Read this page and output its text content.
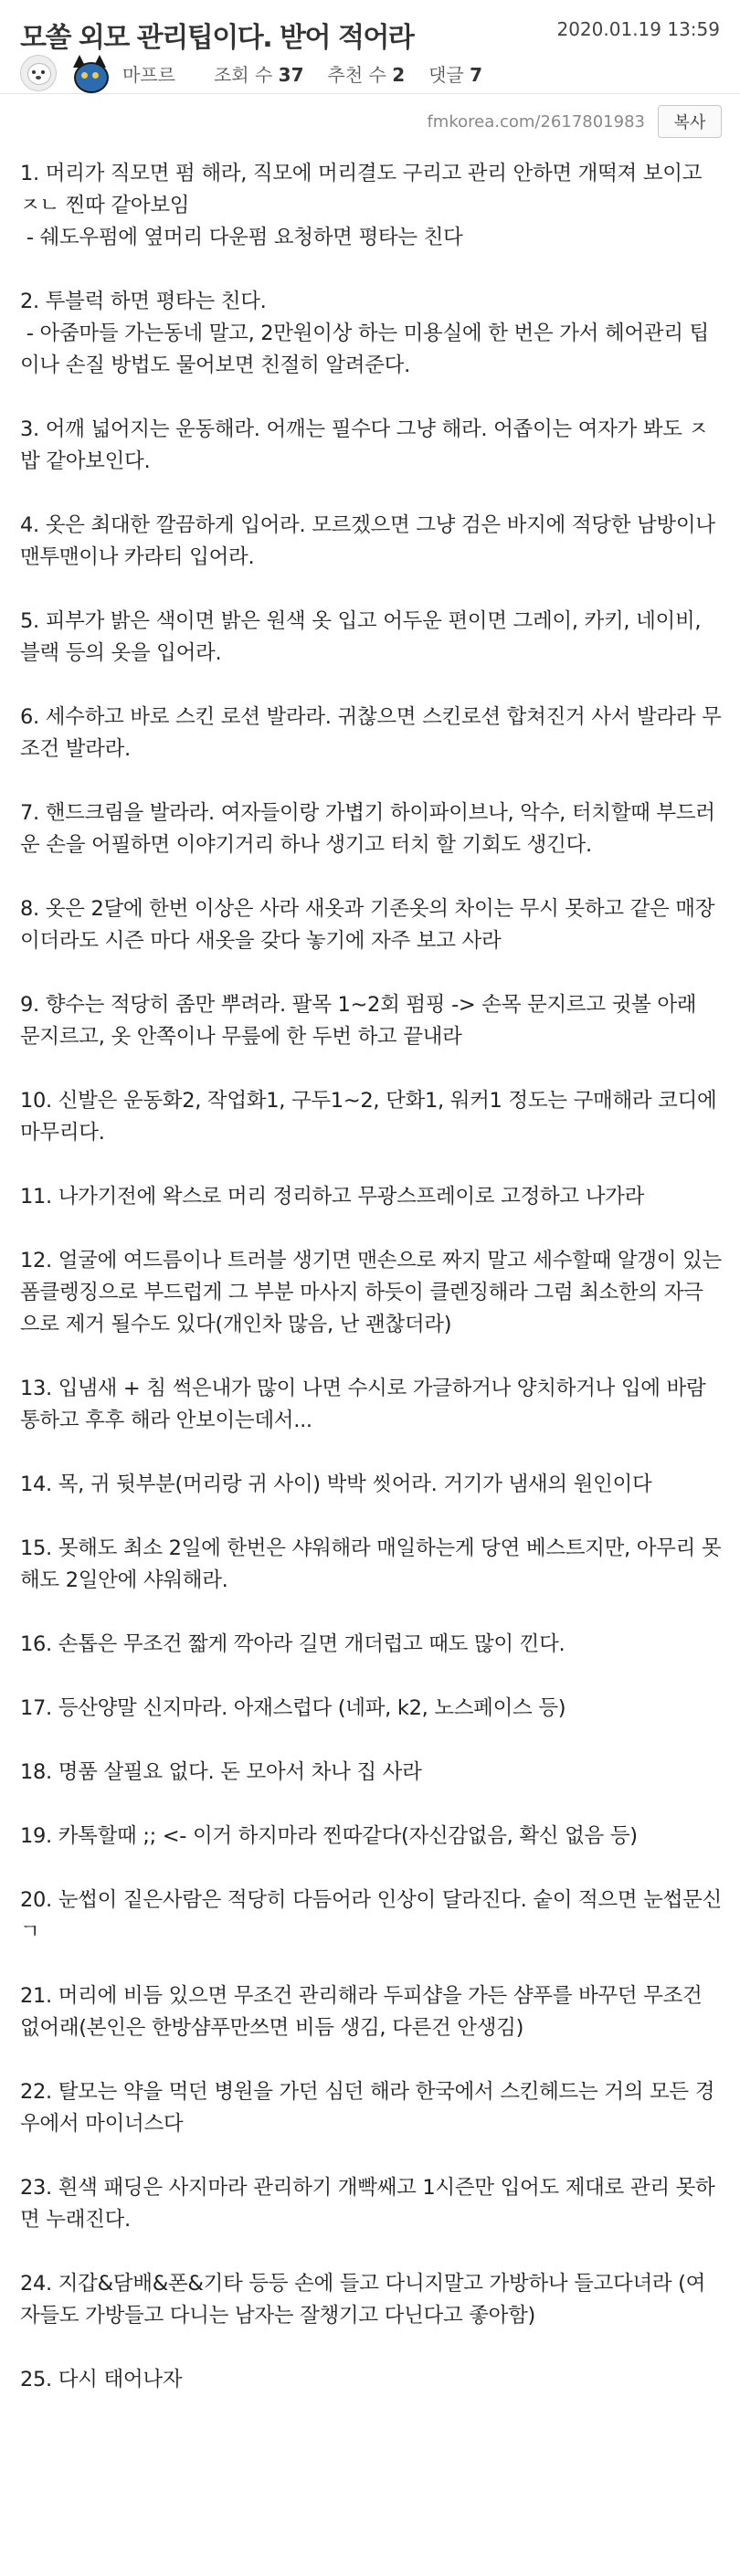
모쏠 외모 관리팁이다. 받어 적어라	2020.01.19 13:59
마프르 조회 수 37 추천 수 2 댓글 7
fmkorea.com/2617801983	복사

1. 머리가 직모면 펌 해라, 직모에 머리결도 구리고 관리 안하면 개떡져 보이고 ㅈㄴ 찐따 같아보임
- 쉐도우펌에 옆머리 다운펌 요청하면 평타는 친다

2. 투블럭 하면 평타는 친다.
- 아줌마들 가는동네 말고, 2만원이상 하는 미용실에 한 번은 가서 헤어관리 팁이나 손질 방법도 물어보면 친절히 알려준다.

3. 어깨 넓어지는 운동해라. 어깨는 필수다 그냥 해라. 어좁이는 여자가 봐도 ㅈ밥 같아보인다.

4. 옷은 최대한 깔끔하게 입어라. 모르겠으면 그냥 검은 바지에 적당한 남방이나 맨투맨이나 카라티 입어라.

5. 피부가 밝은 색이면 밝은 원색 옷 입고 어두운 편이면 그레이, 카키, 네이비, 블랙 등의 옷을 입어라.

6. 세수하고 바로 스킨 로션 발라라. 귀찮으면 스킨로션 합쳐진거 사서 발라라 무조건 발라라.

7. 핸드크림을 발라라. 여자들이랑 가볍기 하이파이브나, 악수, 터치할때 부드러운 손을 어필하면 이야기거리 하나 생기고 터치 할 기회도 생긴다.

8. 옷은 2달에 한번 이상은 사라 새옷과 기존옷의 차이는 무시 못하고 같은 매장이더라도 시즌 마다 새옷을 갖다 놓기에 자주 보고 사라

9. 향수는 적당히 좀만 뿌려라. 팔목 1~2회 펌핑 -> 손목 문지르고 귓볼 아래 문지르고, 옷 안쪽이나 무릎에 한 두번 하고 끝내라

10. 신발은 운동화2, 작업화1, 구두1~2, 단화1, 워커1 정도는 구매해라 코디에 마무리다.

11. 나가기전에 왁스로 머리 정리하고 무광스프레이로 고정하고 나가라

12. 얼굴에 여드름이나 트러블 생기면 맨손으로 짜지 말고 세수할때 알갱이 있는 폼클렝징으로 부드럽게 그 부분 마사지 하듯이 클렌징해라 그럼 최소한의 자극으로 제거 될수도 있다(개인차 많음, 난 괜찮더라)

13. 입냄새 + 침 썩은내가 많이 나면 수시로 가글하거나 양치하거나 입에 바람 통하고 후후 해라 안보이는데서...

14. 목, 귀 뒷부분(머리랑 귀 사이) 박박 씻어라. 거기가 냄새의 원인이다

15. 못해도 최소 2일에 한번은 샤워해라 매일하는게 당연 베스트지만, 아무리 못해도 2일안에 샤워해라.

16. 손톱은 무조건 짧게 깍아라 길면 개더럽고 때도 많이 낀다.

17. 등산양말 신지마라. 아재스럽다 (네파, k2, 노스페이스 등)

18. 명품 살필요 없다. 돈 모아서 차나 집 사라

19. 카톡할때 ;; <- 이거 하지마라 찐따같다(자신감없음, 확신 없음 등)

20. 눈썹이 짙은사람은 적당히 다듬어라 인상이 달라진다. 숱이 적으면 눈썹문신 ㄱ

21. 머리에 비듬 있으면 무조건 관리해라 두피샵을 가든 샴푸를 바꾸던 무조건 없어래(본인은 한방샴푸만쓰면 비듬 생김, 다른건 안생김)

22. 탈모는 약을 먹던 병원을 가던 심던 해라 한국에서 스킨헤드는 거의 모든 경우에서 마이너스다

23. 흰색 패딩은 사지마라 관리하기 개빡쌔고 1시즌만 입어도 제대로 관리 못하면 누래진다.

24. 지갑&담배&폰&기타 등등 손에 들고 다니지말고 가방하나 들고다녀라 (여자들도 가방들고 다니는 남자는 잘챙기고 다닌다고 좋아함)

25. 다시 태어나자
